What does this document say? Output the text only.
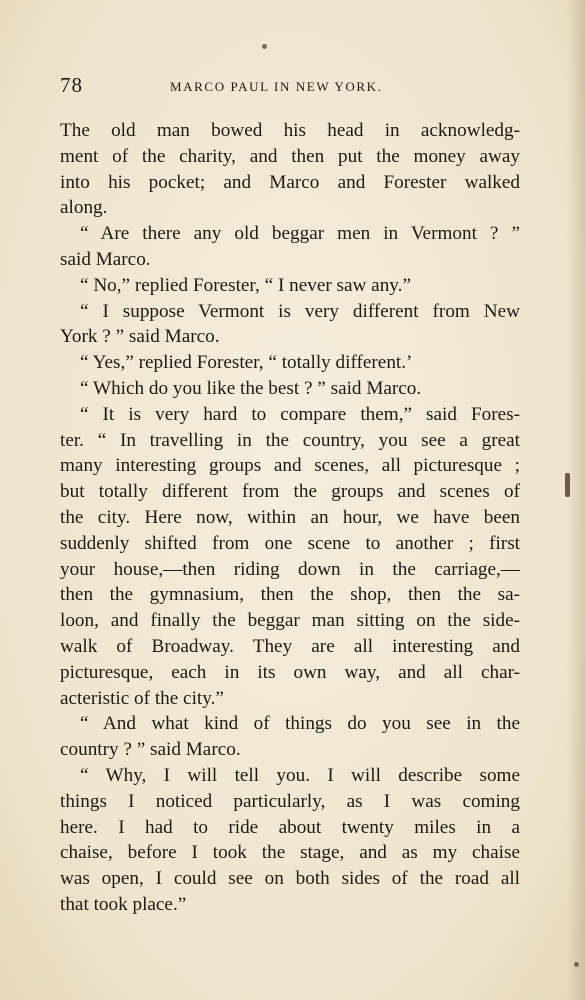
78	MARCO PAUL IN NEW YORK.
The old man bowed his head in acknowledg-
ment of the charity, and then put the money away
into his pocket; and Marco and Forester walked
along.
“ Are there any old beggar men in Vermont ? ”
said Marco.
“ No,” replied Forester, “ I never saw any.”
“ I suppose Vermont is very different from New
York ? ” said Marco.
“ Yes,” replied Forester, “ totally different.’
“ Which do you like the best ? ” said Marco.
“ It is very hard to compare them,” said Fores-
ter. “ In travelling in the country, you see a great
many interesting groups and scenes, all picturesque ;
but totally different from the groups and scenes of
the city. Here now, within an hour, we have been
suddenly shifted from one scene to another ; first
your house,—then riding down in the carriage,—
then the gymnasium, then the shop, then the sa-
loon, and finally the beggar man sitting on the side-
walk of Broadway. They are all interesting and
picturesque, each in its own way, and all char-
acteristic of the city.”
“ And what kind of things do you see in the
country ? ” said Marco.
“ Why, I will tell you. I will describe some
things I noticed particularly, as I was coming
here. I had to ride about twenty miles in a
chaise, before I took the stage, and as my chaise
was open, I could see on both sides of the road all
that took place.”
